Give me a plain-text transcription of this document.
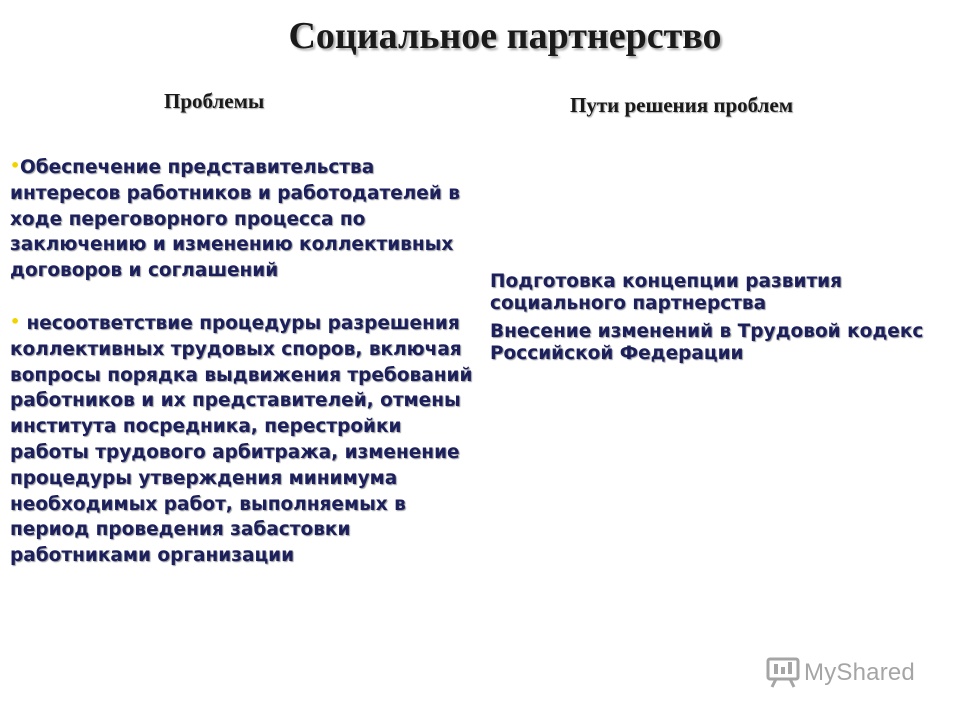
Социальное партнерство
Проблемы	Пути решения проблем

•Обеспечение представительства интересов работников и работодателей в ходе переговорного процесса по заключению и изменению коллективных договоров и соглашений

• несоответствие процедуры разрешения коллективных трудовых споров, включая вопросы порядка выдвижения требований работников и их представителей, отмены института посредника, перестройки работы трудового арбитража, изменение процедуры утверждения минимума необходимых работ, выполняемых в период проведения забастовки работниками организации

Подготовка концепции развития социального партнерства

Внесение изменений в Трудовой кодекс Российской Федерации

MyShared
